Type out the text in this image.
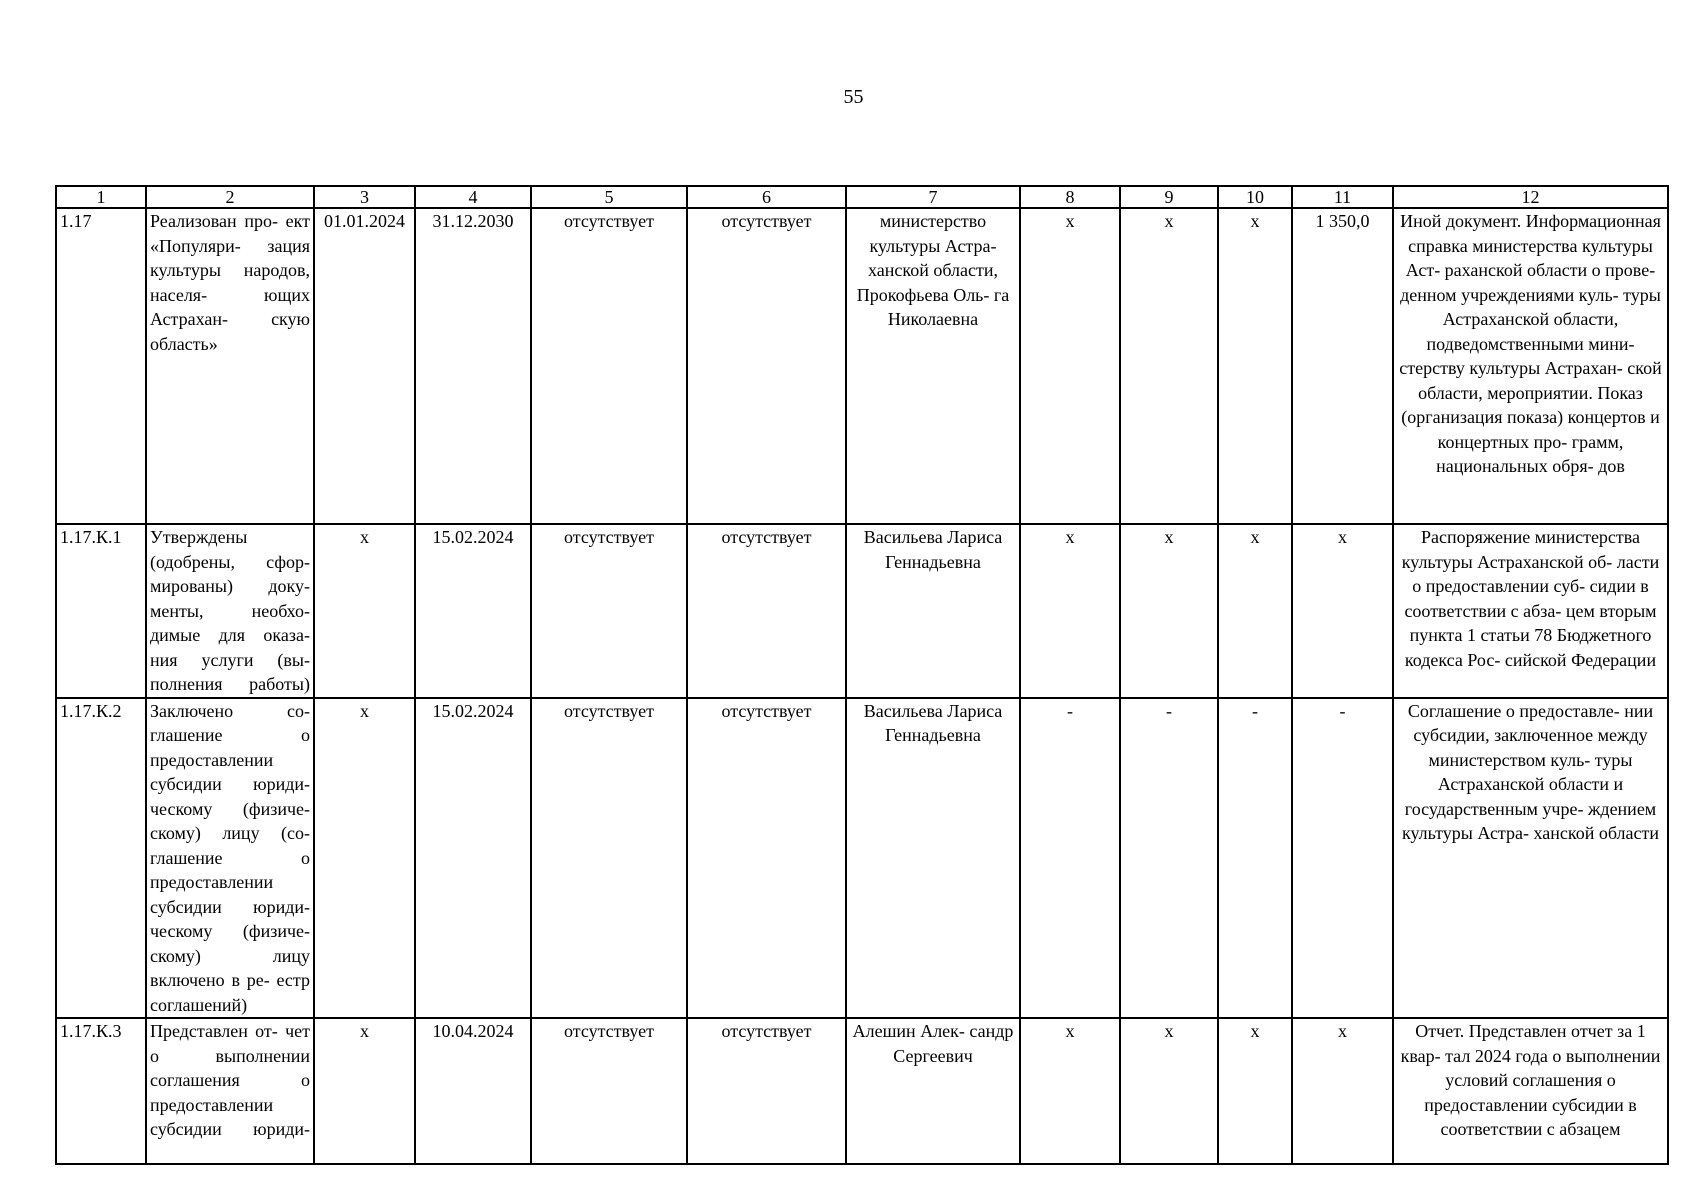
55
1	2	3	4	5	6	7	8	9	10	11	12
1.17	Реализован про- ект «Популяри- зация культуры народов, населя- ющих Астрахан- скую область»	01.01.2024	31.12.2030	отсутствует	отсутствует	министерство культуры Астра- ханской области, Прокофьева Оль- га Николаевна	x	x	x	1 350,0	Иной документ. Информационная справка министерства культуры Аст- раханской области о прове- денном учреждениями куль- туры Астраханской области, подведомственными мини- стерству культуры Астрахан- ской области, мероприятии. Показ (организация показа) концертов и концертных про- грамм, национальных обря- дов
1.17.К.1	Утверждены (одобрены, сфор- мированы) доку- менты, необхо- димые для оказа- ния услуги (вы- полнения работы)	x	15.02.2024	отсутствует	отсутствует	Васильева Лариса Геннадьевна	x	x	x	x	Распоряжение министерства культуры Астраханской об- ласти о предоставлении суб- сидии в соответствии с абза- цем вторым пункта 1 статьи 78 Бюджетного кодекса Рос- сийской Федерации
1.17.К.2	Заключено со- глашение о предоставлении субсидии юриди- ческому (физиче- скому) лицу (со- глашение о предоставлении субсидии юриди- ческому (физиче- скому) лицу включено в ре- естр соглашений)	x	15.02.2024	отсутствует	отсутствует	Васильева Лариса Геннадьевна	-	-	-	-	Соглашение о предоставле- нии субсидии, заключенное между министерством куль- туры Астраханской области и государственным учре- ждением культуры Астра- ханской области
1.17.К.3	Представлен от- чет о выполнении соглашения о предоставлении субсидии юриди-	x	10.04.2024	отсутствует	отсутствует	Алешин Алек- сандр Сергеевич	x	x	x	x	Отчет. Представлен отчет за 1 квар- тал 2024 года о выполнении условий соглашения о предоставлении субсидии в соответствии с абзацем
